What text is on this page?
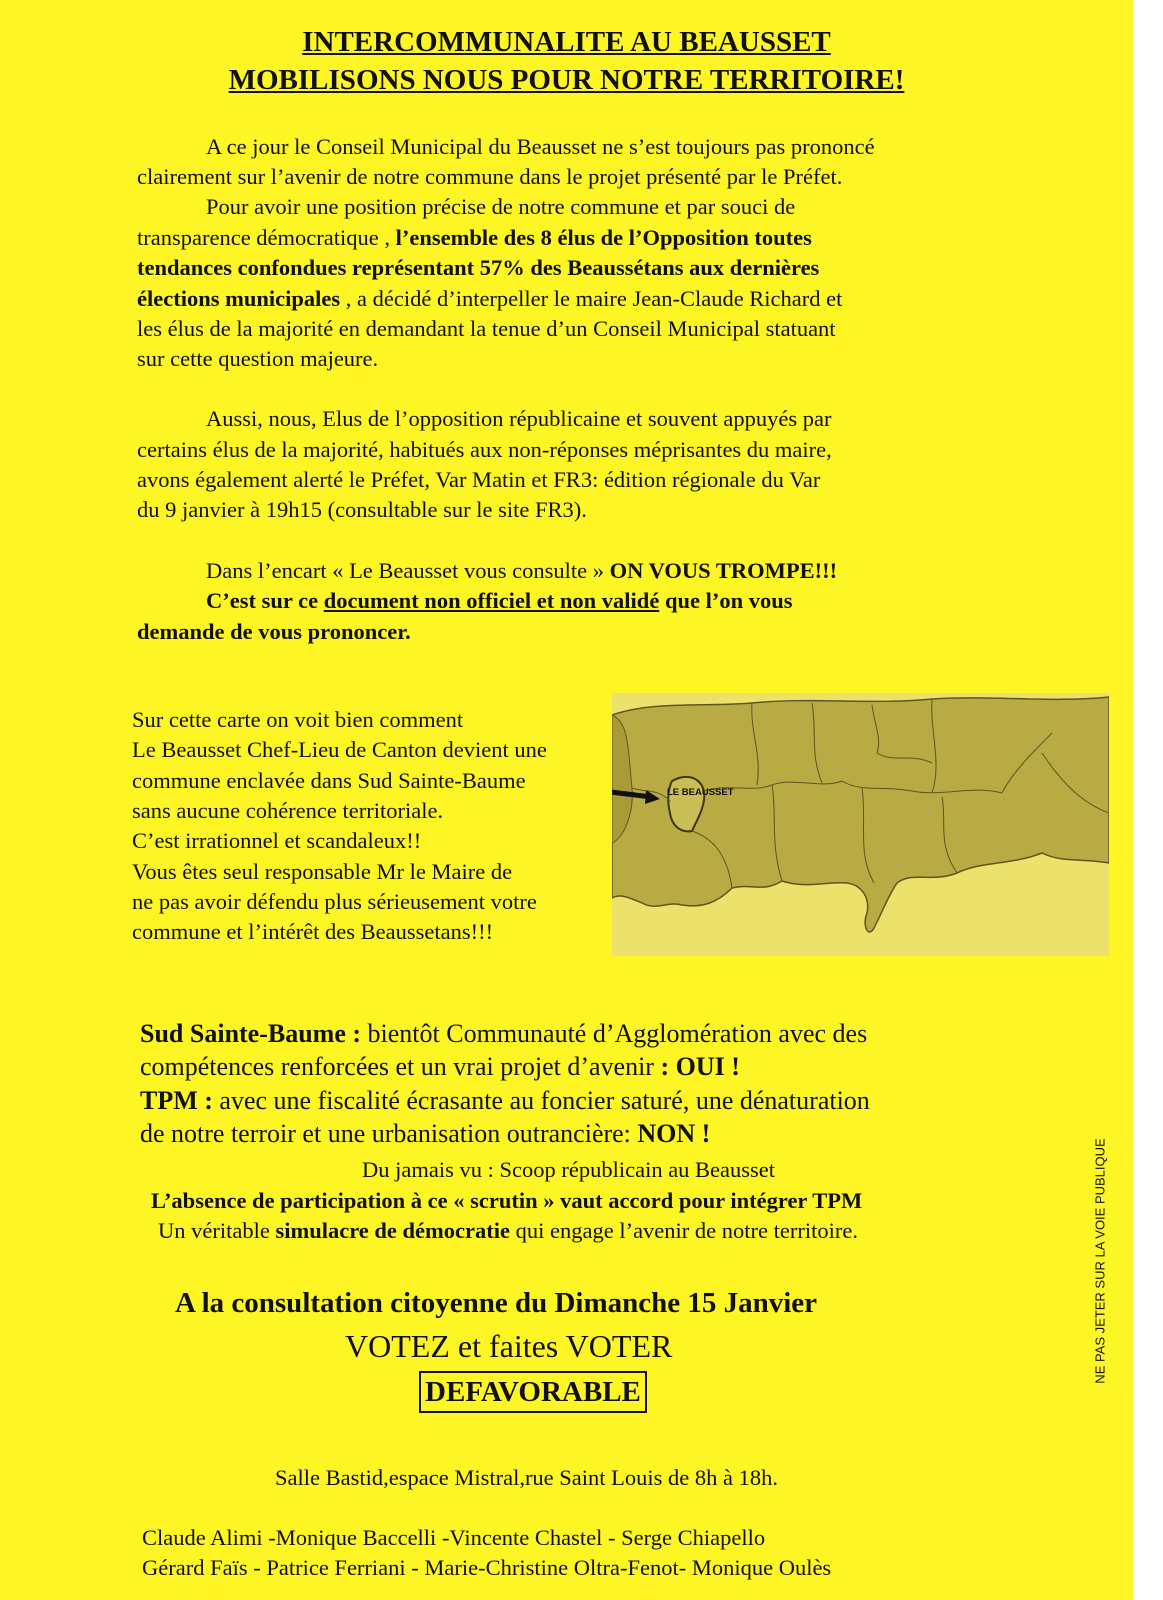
INTERCOMMUNALITE AU BEAUSSET
MOBILISONS NOUS POUR NOTRE TERRITOIRE!
A ce jour le Conseil Municipal du Beausset ne s’est toujours pas prononcé
clairement sur l’avenir de notre commune dans le projet présenté par le Préfet.
Pour avoir une position précise de notre commune et par souci de
transparence démocratique , l’ensemble des 8 élus de l’Opposition toutes
tendances confondues représentant 57% des Beaussétans aux dernières
élections municipales , a décidé d’interpeller le maire Jean-Claude Richard et
les élus de la majorité en demandant la tenue d’un Conseil Municipal statuant
sur cette question majeure.
Aussi, nous, Elus de l’opposition républicaine et souvent appuyés par
certains élus de la majorité, habitués aux non-réponses méprisantes du maire,
avons également alerté le Préfet, Var Matin et FR3: édition régionale du Var
du 9 janvier à 19h15 (consultable sur le site FR3).
Dans l’encart « Le Beausset vous consulte » ON VOUS TROMPE!!!
C’est sur ce document non officiel et non validé que l’on vous
demande de vous prononcer.
Sur cette carte on voit bien comment
Le Beausset Chef-Lieu de Canton devient une
commune enclavée dans Sud Sainte-Baume
sans aucune cohérence territoriale.
C’est irrationnel et scandaleux!!
Vous êtes seul responsable Mr le Maire de
ne pas avoir défendu plus sérieusement votre
commune et l’intérêt des Beaussetans!!!
LE BEAUSSET
Sud Sainte-Baume : bientôt Communauté d’Agglomération avec des
compétences renforcées et un vrai projet d’avenir : OUI !
TPM : avec une fiscalité écrasante au foncier saturé, une dénaturation
de notre terroir et une urbanisation outrancière: NON !
Du jamais vu : Scoop républicain au Beausset
L’absence de participation à ce « scrutin » vaut accord pour intégrer TPM
Un véritable simulacre de démocratie qui engage l’avenir de notre territoire.
A la consultation citoyenne du Dimanche 15 Janvier
VOTEZ et faites VOTER
DEFAVORABLE
Salle Bastid,espace Mistral,rue Saint Louis de 8h à 18h.
Claude Alimi -Monique Baccelli -Vincente Chastel - Serge Chiapello
Gérard Faïs - Patrice Ferriani - Marie-Christine Oltra-Fenot- Monique Oulès
NE PAS JETER SUR LA VOIE PUBLIQUE
